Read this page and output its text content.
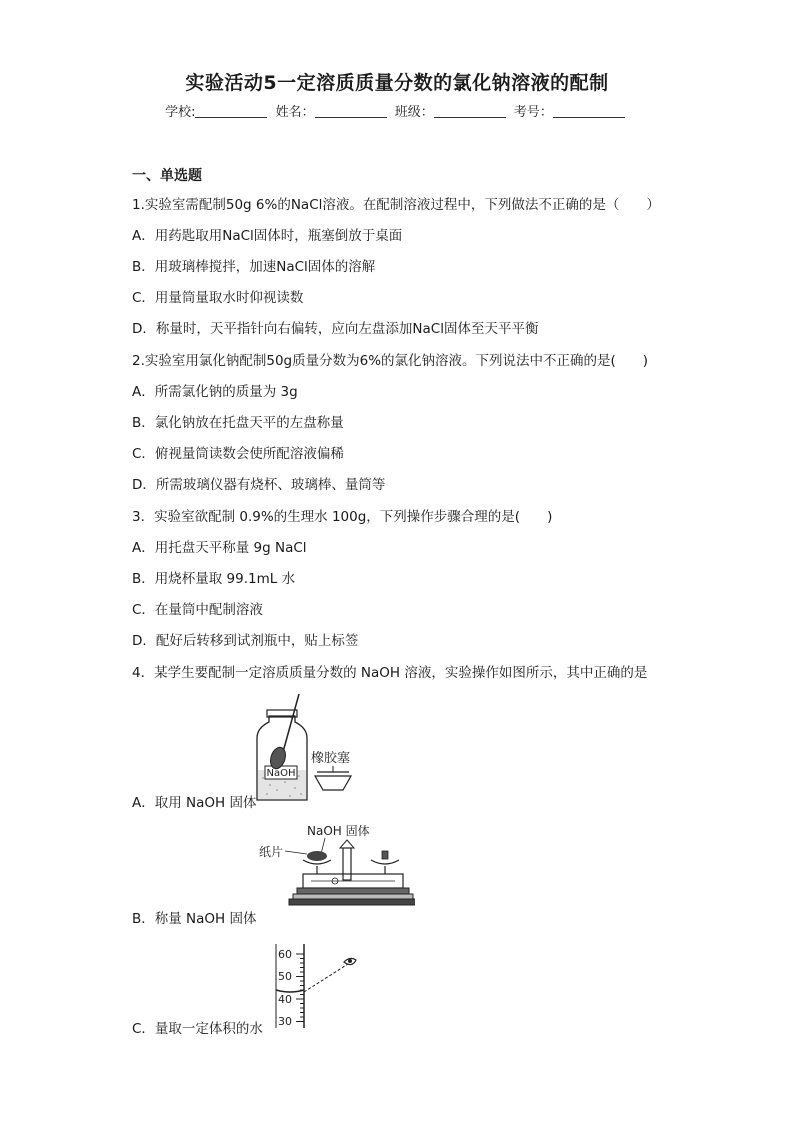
实验活动5一定溶质质量分数的氯化钠溶液的配制
学校:	姓名：	班级：	考号：
一、单选题
1.实验室需配制50g 6%的NaCl溶液。在配制溶液过程中，下列做法不正确的是（　　）
A．用药匙取用NaCl固体时，瓶塞倒放于桌面
B．用玻璃棒搅拌，加速NaCl固体的溶解
C．用量筒量取水时仰视读数
D．称量时，天平指针向右偏转，应向左盘添加NaCl固体至天平平衡
2.实验室用氯化钠配制50g质量分数为6%的氯化钠溶液。下列说法中不正确的是(　　)
A．所需氯化钠的质量为 3g
B．氯化钠放在托盘天平的左盘称量
C．俯视量筒读数会使所配溶液偏稀
D．所需玻璃仪器有烧杯、玻璃棒、量筒等
3．实验室欲配制 0.9%的生理水 100g，下列操作步骤合理的是(　　)
A．用托盘天平称量 9g NaCl
B．用烧杯量取 99.1mL 水
C．在量筒中配制溶液
D．配好后转移到试剂瓶中，贴上标签
4．某学生要配制一定溶质质量分数的 NaOH 溶液，实验操作如图所示，其中正确的是
NaOH
橡胶塞
A．取用 NaOH 固体
NaOH 固体
纸片
B．称量 NaOH 固体
60
50
40
30
C．量取一定体积的水
